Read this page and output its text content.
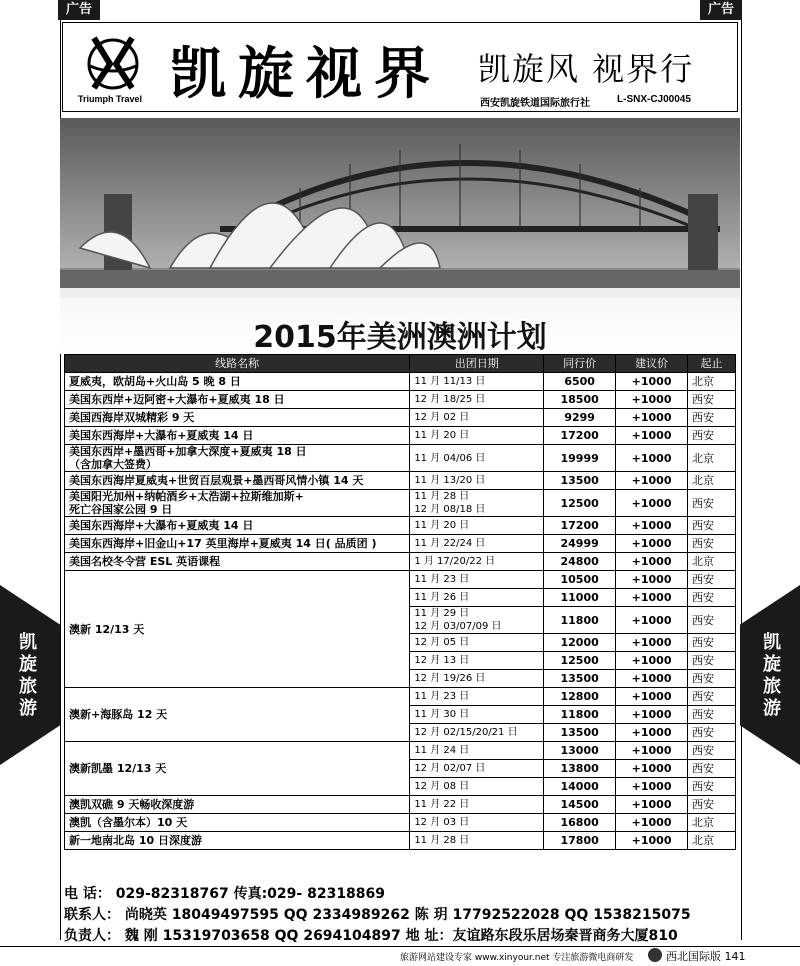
广告	广告
Triumph Travel 凯旋视界 凯旋风 视界行
西安凯旋铁道国际旅行社	L-SNX-CJ00045
2015年美洲澳洲计划
线路名称	出团日期	同行价	建议价	起止
夏威夷，欧胡岛+火山岛 5 晚 8 日	11 月 11/13 日	6500	+1000	北京
美国东西岸+迈阿密+大瀑布+夏威夷 18 日	12 月 18/25 日	18500	+1000	西安
美国西海岸双城精彩 9 天	12 月 02 日	9299	+1000	西安
美国东西海岸+大瀑布+夏威夷 14 日	11 月 20 日	17200	+1000	西安
美国东西岸+墨西哥+加拿大深度+夏威夷 18 日
（含加拿大签费）	11 月 04/06 日	19999	+1000	北京
美国东西海岸夏威夷+世贸百层观景+墨西哥风情小镇 14 天	11 月 13/20 日	13500	+1000	北京
美国阳光加州+纳帕酒乡+太浩湖+拉斯维加斯+
死亡谷国家公园 9 日	11 月 28 日
12 月 08/18 日	12500	+1000	西安
美国东西海岸+大瀑布+夏威夷 14 日	11 月 20 日	17200	+1000	西安
美国东西海岸+旧金山+17 英里海岸+夏威夷 14 日( 品质团 )	11 月 22/24 日	24999	+1000	西安
美国名校冬令营 ESL 英语课程	1 月 17/20/22 日	24800	+1000	北京
澳新 12/13 天	11 月 23 日	10500	+1000	西安
	11 月 26 日	11000	+1000	西安
	11 月 29 日
12 月 03/07/09 日	11800	+1000	西安
	12 月 05 日	12000	+1000	西安
	12 月 13 日	12500	+1000	西安
	12 月 19/26 日	13500	+1000	西安
澳新+海豚岛 12 天	11 月 23 日	12800	+1000	西安
	11 月 30 日	11800	+1000	西安
	12 月 02/15/20/21 日	13500	+1000	西安
澳新凯墨 12/13 天	11 月 24 日	13000	+1000	西安
	12 月 02/07 日	13800	+1000	西安
	12 月 08 日	14000	+1000	西安
澳凯双礁 9 天畅收深度游	11 月 22 日	14500	+1000	西安
澳凯（含墨尔本）10 天	12 月 03 日	16800	+1000	北京
新一地南北岛 10 日深度游	11 月 28 日	17800	+1000	北京
凯旋旅游
凯旋旅游
电 话： 029-82318767 传真:029- 82318869
联系人： 尚晓英 18049497595 QQ 2334989262 陈 玥 17792522028 QQ 1538215075
负责人： 魏 刚 15319703658 QQ 2694104897 地 址：友谊路东段乐居场秦晋商务大厦810
旅游网站建设专家 www.xinyour.net 专注旅游微电商研发	西北国际版 141
